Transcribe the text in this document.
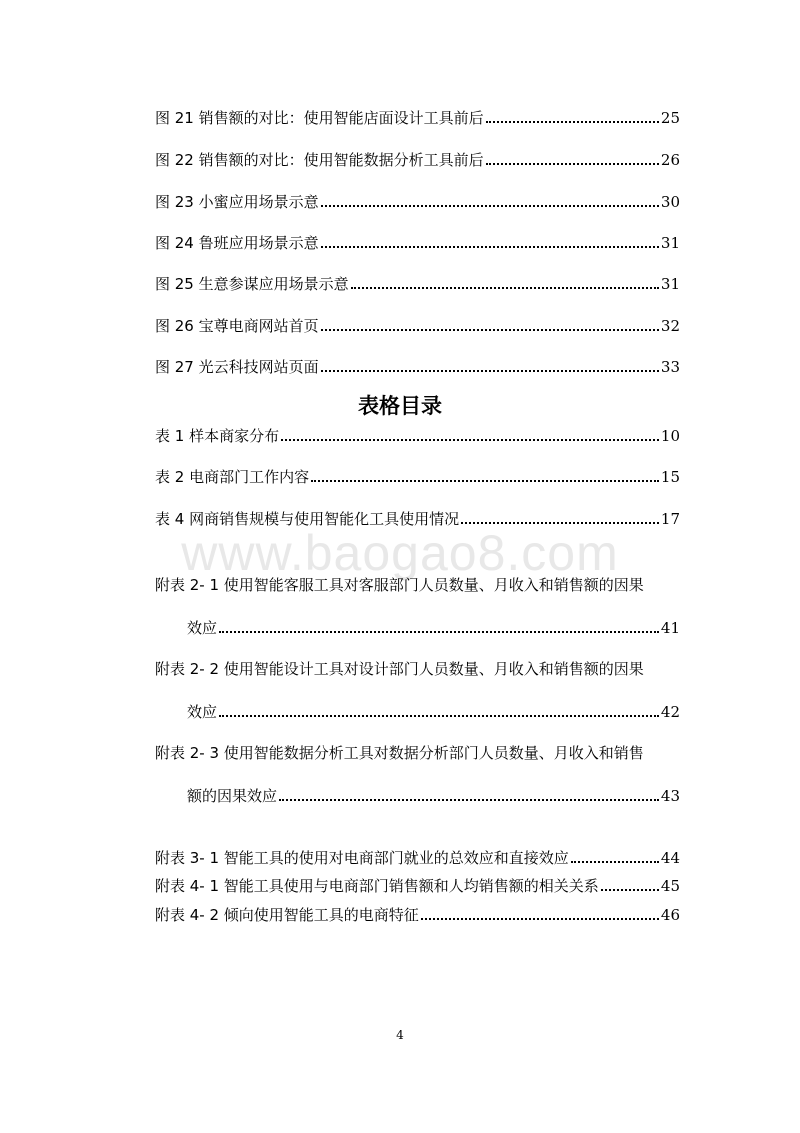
图 21 销售额的对比：使用智能店面设计工具前后	25
图 22 销售额的对比：使用智能数据分析工具前后	26
图 23 小蜜应用场景示意	30
图 24 鲁班应用场景示意	31
图 25 生意参谋应用场景示意	31
图 26 宝尊电商网站首页	32
图 27 光云科技网站页面	33
表格目录
表 1 样本商家分布	10
表 2 电商部门工作内容	15
表 4 网商销售规模与使用智能化工具使用情况	17
www.baogao8.com
附表 2- 1 使用智能客服工具对客服部门人员数量、月收入和销售额的因果
效应	41
附表 2- 2 使用智能设计工具对设计部门人员数量、月收入和销售额的因果
效应	42
附表 2- 3 使用智能数据分析工具对数据分析部门人员数量、月收入和销售
额的因果效应	43
附表 3- 1 智能工具的使用对电商部门就业的总效应和直接效应	44
附表 4- 1 智能工具使用与电商部门销售额和人均销售额的相关关系	45
附表 4- 2 倾向使用智能工具的电商特征	46
4
